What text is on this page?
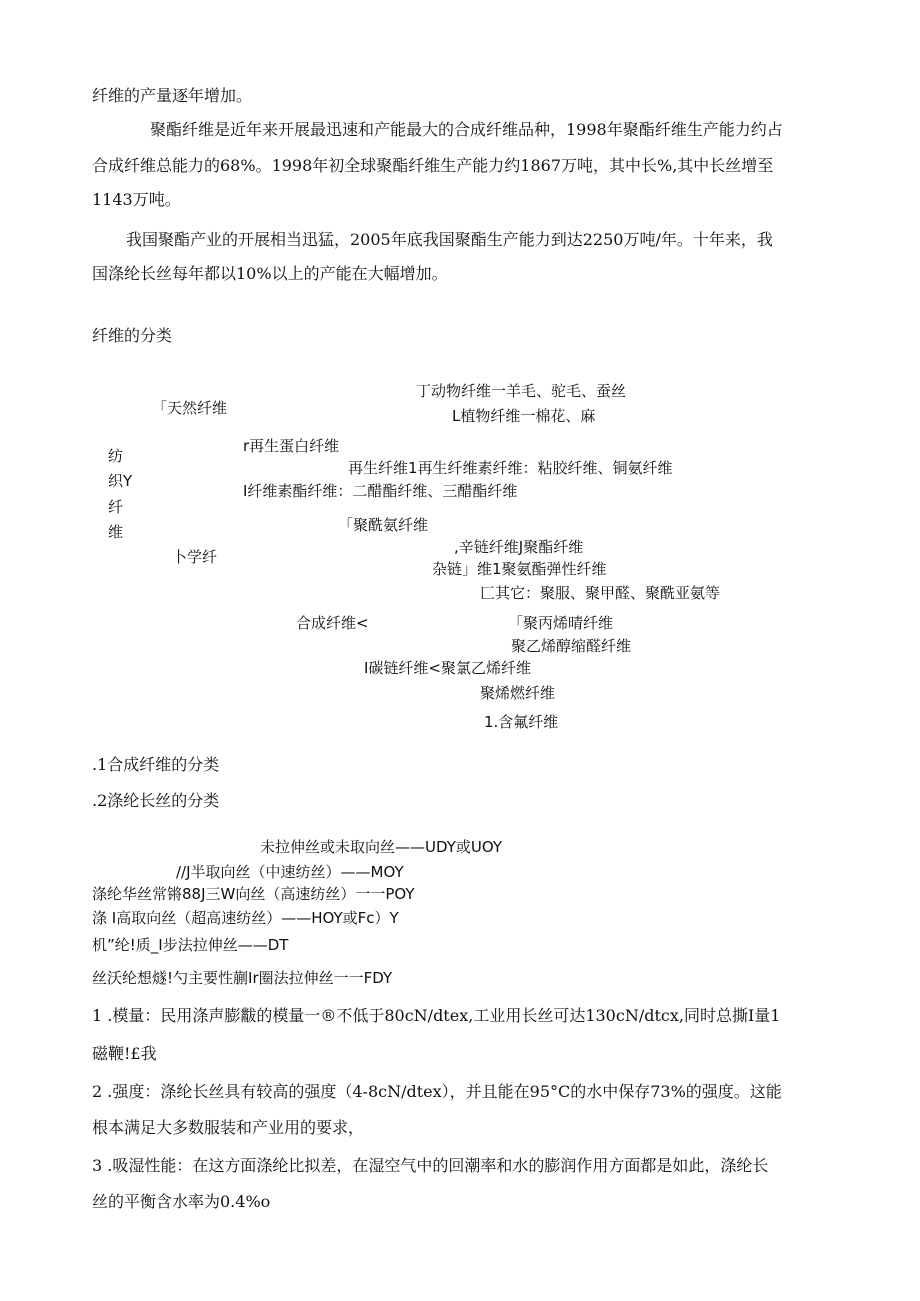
纤维的产量逐年增加。
聚酯纤维是近年来开展最迅速和产能最大的合成纤维品种，1998年聚酯纤维生产能力约占
合成纤维总能力的68%。1998年初全球聚酯纤维生产能力约1867万吨，其中长%,其中长丝增至
1143万吨。
我国聚酯产业的开展相当迅猛，2005年底我国聚酯生产能力到达2250万吨/年。十年来，我
国涤纶长丝每年都以10%以上的产能在大幅增加。
纤维的分类
丁动物纤维一羊毛、驼毛、蚕丝
「天然纤维	L植物纤维一棉花、麻
r再生蛋白纤维
纺
再生纤维1再生纤维素纤维：粘胶纤维、铜氨纤维
织Y
I纤维素酯纤维：二醋酯纤维、三醋酯纤维
纤
「聚酰氨纤维
维
,辛链纤维J聚酯纤维
卜学纤
杂链」维1聚氨酯弹性纤维
匚其它：聚服、聚甲醛、聚酰亚氨等
合成纤维<	「聚丙烯晴纤维
聚乙烯醇缩醛纤维
I碳链纤维<聚氯乙烯纤维
聚烯燃纤维
1.含氟纤维
.1合成纤维的分类
.2涤纶长丝的分类
未拉伸丝或未取向丝——UDY或UOY
//J半取向丝（中速纺丝）——MOY
涤纶华丝常锵88J三W向丝（高速纺丝）一一POY
涤 I高取向丝（超高速纺丝）——HOY或Fc）Y
机”纶!质_I步法拉伸丝——DT
丝沃纶想燧!勺主要性蒯Ir圈法拉伸丝一一FDY
1 .模量：民用涤声膨黻的模量一®不低于80cN/dtex,工业用长丝可达130cN/dtcx,同时总撕I量1
磁鞭!£我
2 .强度：涤纶长丝具有较高的强度（4-8cN/dtex），并且能在95°C的水中保存73%的强度。这能
根本满足大多数服装和产业用的要求，
3 .吸湿性能：在这方面涤纶比拟差，在湿空气中的回潮率和水的膨润作用方面都是如此，涤纶长
丝的平衡含水率为0.4%o
